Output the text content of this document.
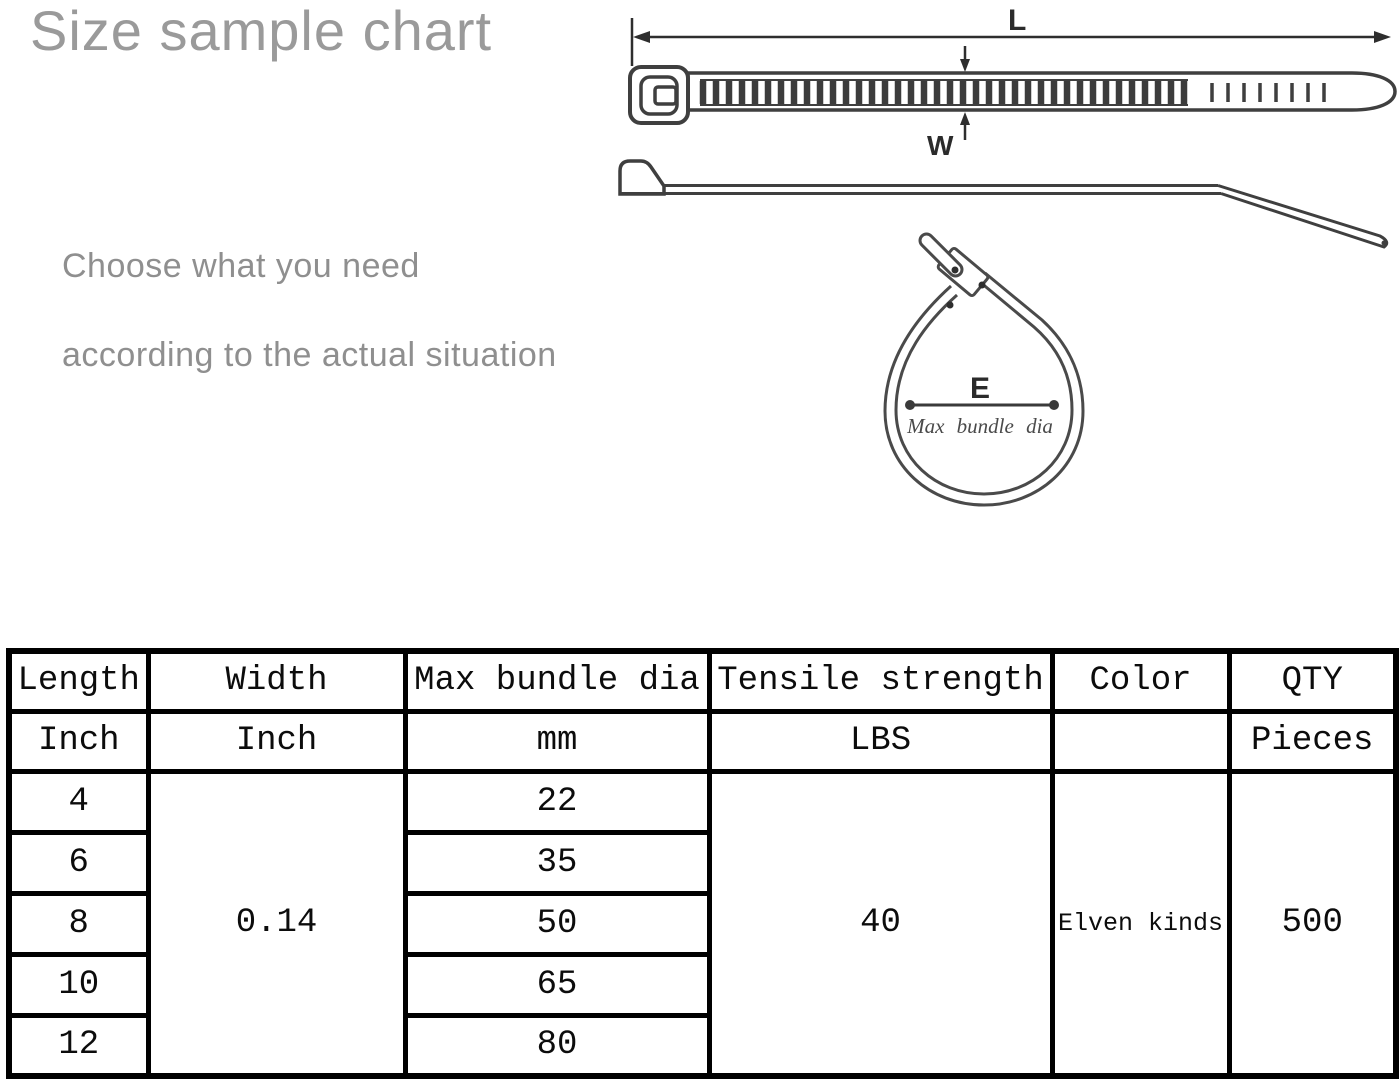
Size sample chart

Choose what you need

according to the actual situation

L
W
E
Max bundle dia
Length	Width	Max bundle dia	Tensile strength	Color	QTY
Inch	Inch	mm	LBS		Pieces
4	0.14	22	40	Elven kinds	500
6		35			
8		50			
10		65			
12		80			
